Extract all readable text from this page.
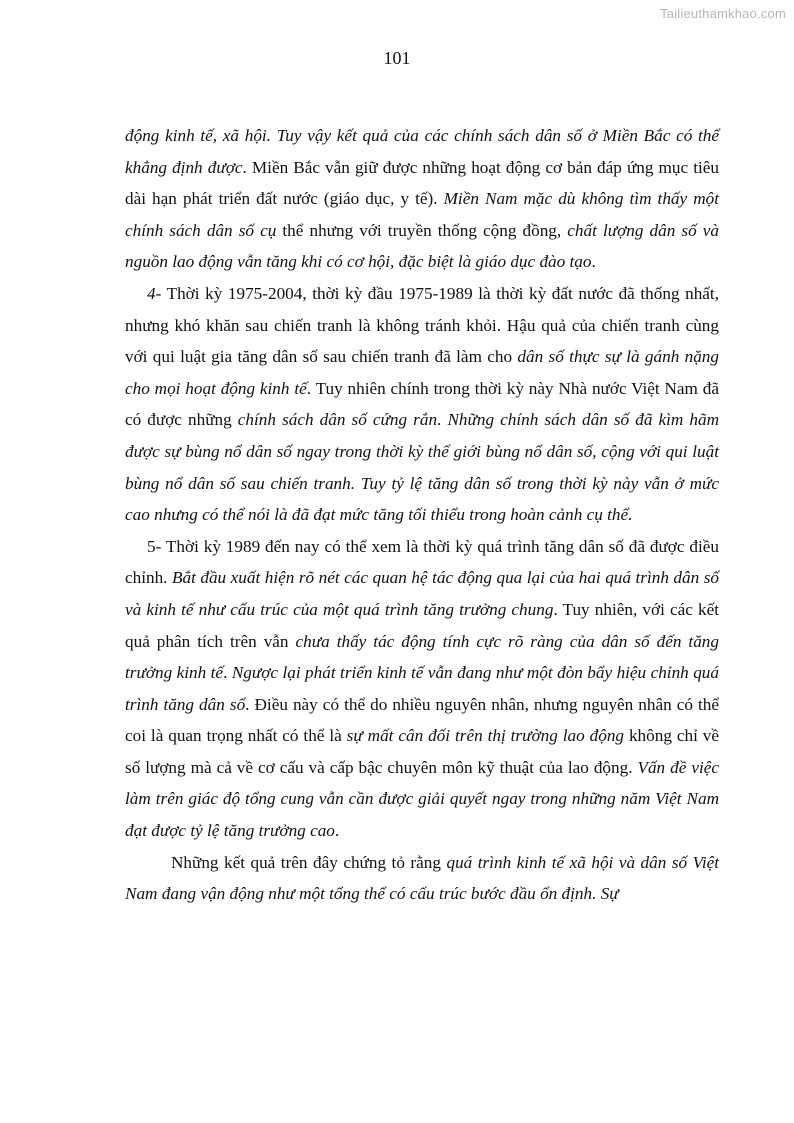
Tailieuthamkhao.com
101

động kinh tế, xã hội. Tuy vậy kết quả của các chính sách dân số ở Miền Bắc có thể khẳng định được. Miền Bắc vẫn giữ được những hoạt động cơ bản đáp ứng mục tiêu dài hạn phát triển đất nước (giáo dục, y tế). Miền Nam mặc dù không tìm thấy một chính sách dân số cụ thể nhưng với truyền thống cộng đồng, chất lượng dân số và nguồn lao động vẫn tăng khi có cơ hội, đặc biệt là giáo dục đào tạo.

4- Thời kỳ 1975-2004, thời kỳ đầu 1975-1989 là thời kỳ đất nước đã thống nhất, nhưng khó khăn sau chiến tranh là không tránh khỏi. Hậu quả của chiến tranh cùng với qui luật gia tăng dân số sau chiến tranh đã làm cho dân số thực sự là gánh nặng cho mọi hoạt động kinh tế. Tuy nhiên chính trong thời kỳ này Nhà nước Việt Nam đã có được những chính sách dân số cứng rắn. Những chính sách dân số đã kìm hãm được sự bùng nổ dân số ngay trong thời kỳ thế giới bùng nổ dân số, cộng với qui luật bùng nổ dân số sau chiến tranh. Tuy tỷ lệ tăng dân số trong thời kỳ này vẫn ở mức cao nhưng có thể nói là đã đạt mức tăng tối thiểu trong hoàn cảnh cụ thể.

5- Thời kỳ 1989 đến nay có thể xem là thời kỳ quá trình tăng dân số đã được điều chỉnh. Bắt đầu xuất hiện rõ nét các quan hệ tác động qua lại của hai quá trình dân số và kinh tế như cấu trúc của một quá trình tăng trưởng chung. Tuy nhiên, với các kết quả phân tích trên vẫn chưa thấy tác động tính cực rõ ràng của dân số đến tăng trưởng kinh tế. Ngược lại phát triển kinh tế vẫn đang như một đòn bẩy hiệu chỉnh quá trình tăng dân số. Điều này có thể do nhiều nguyên nhân, nhưng nguyên nhân có thể coi là quan trọng nhất có thể là sự mất cân đối trên thị trường lao động không chỉ về số lượng mà cả về cơ cấu và cấp bậc chuyên môn kỹ thuật của lao động. Vấn đề việc làm trên giác độ tổng cung vẫn cần được giải quyết ngay trong những năm Việt Nam đạt được tỷ lệ tăng trưởng cao.

Những kết quả trên đây chứng tỏ rằng quá trình kinh tế xã hội và dân số Việt Nam đang vận động như một tổng thể có cấu trúc bước đầu ổn định. Sự
